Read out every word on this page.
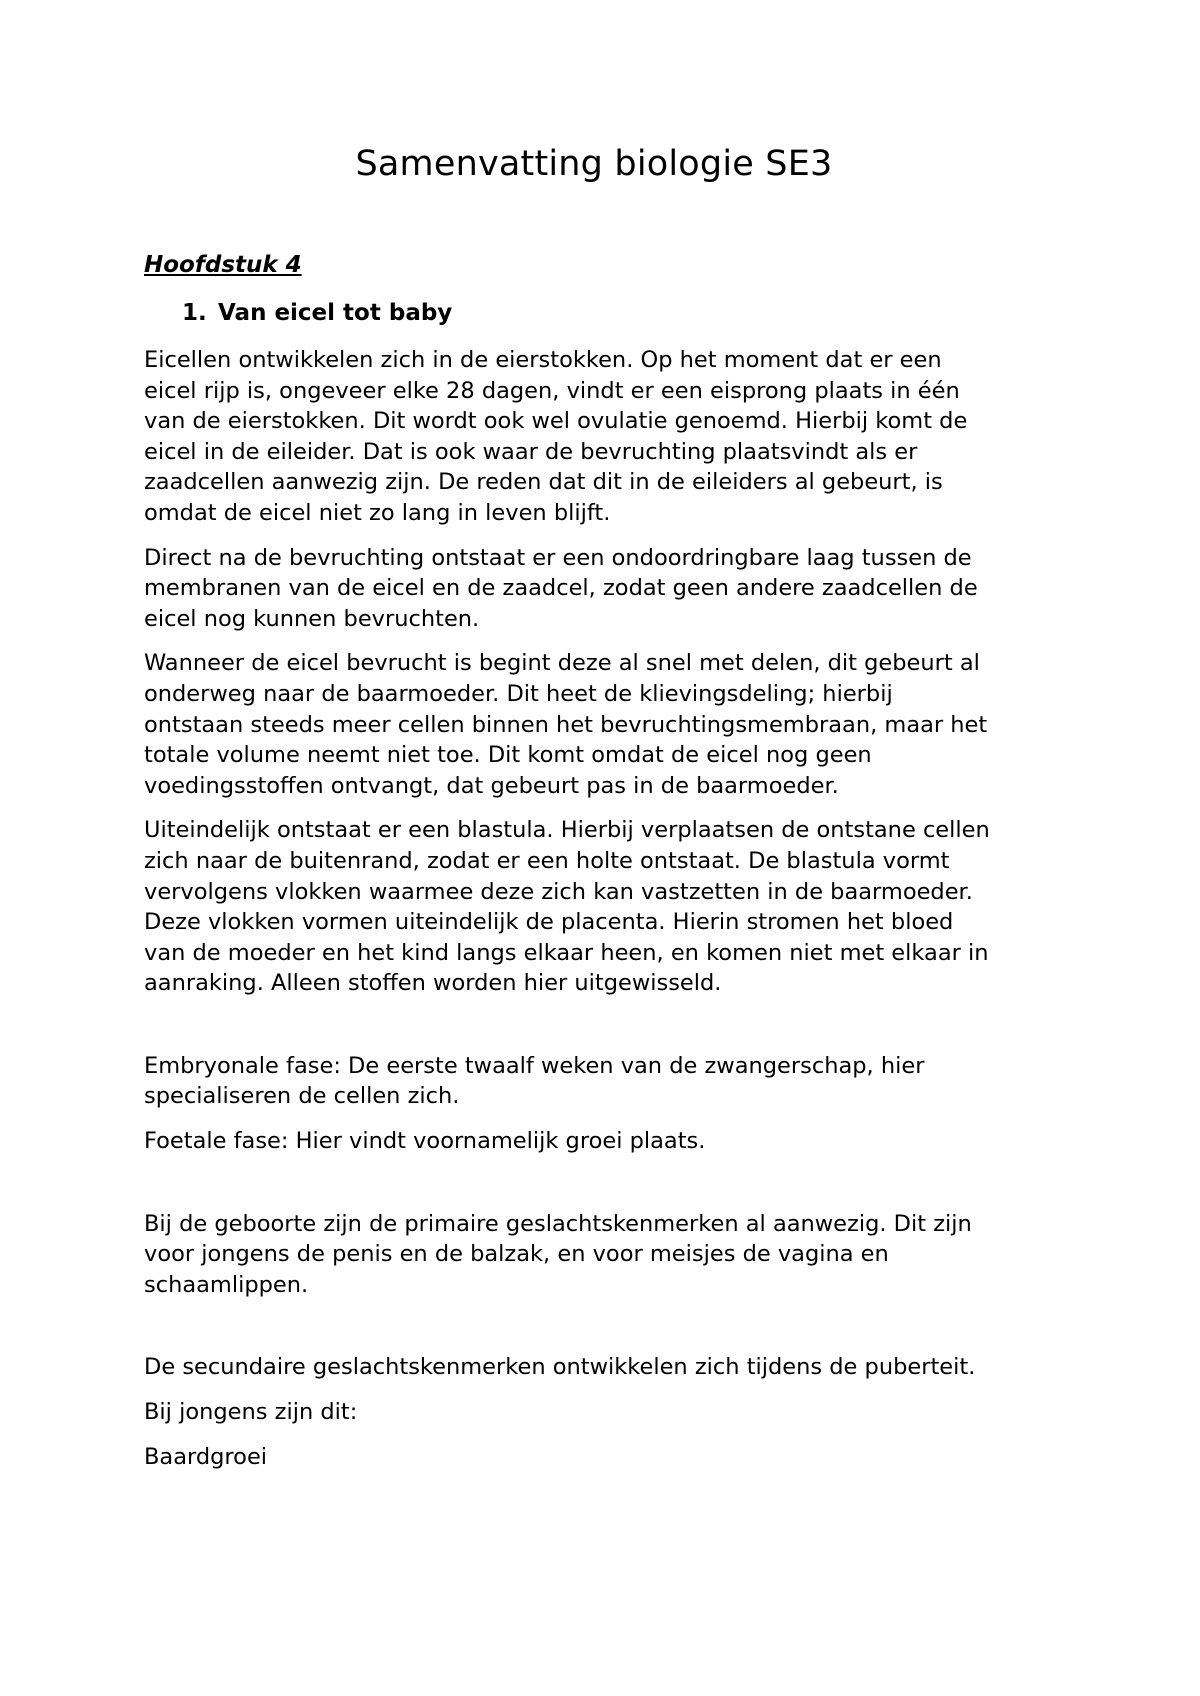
Samenvatting biologie SE3
Hoofdstuk 4
1. Van eicel tot baby

Eicellen ontwikkelen zich in de eierstokken. Op het moment dat er een
eicel rijp is, ongeveer elke 28 dagen, vindt er een eisprong plaats in één
van de eierstokken. Dit wordt ook wel ovulatie genoemd. Hierbij komt de
eicel in de eileider. Dat is ook waar de bevruchting plaatsvindt als er
zaadcellen aanwezig zijn. De reden dat dit in de eileiders al gebeurt, is
omdat de eicel niet zo lang in leven blijft.

Direct na de bevruchting ontstaat er een ondoordringbare laag tussen de
membranen van de eicel en de zaadcel, zodat geen andere zaadcellen de
eicel nog kunnen bevruchten.

Wanneer de eicel bevrucht is begint deze al snel met delen, dit gebeurt al
onderweg naar de baarmoeder. Dit heet de klievingsdeling; hierbij
ontstaan steeds meer cellen binnen het bevruchtingsmembraan, maar het
totale volume neemt niet toe. Dit komt omdat de eicel nog geen
voedingsstoffen ontvangt, dat gebeurt pas in de baarmoeder.

Uiteindelijk ontstaat er een blastula. Hierbij verplaatsen de ontstane cellen
zich naar de buitenrand, zodat er een holte ontstaat. De blastula vormt
vervolgens vlokken waarmee deze zich kan vastzetten in de baarmoeder.
Deze vlokken vormen uiteindelijk de placenta. Hierin stromen het bloed
van de moeder en het kind langs elkaar heen, en komen niet met elkaar in
aanraking. Alleen stoffen worden hier uitgewisseld.

Embryonale fase: De eerste twaalf weken van de zwangerschap, hier
specialiseren de cellen zich.

Foetale fase: Hier vindt voornamelijk groei plaats.

Bij de geboorte zijn de primaire geslachtskenmerken al aanwezig. Dit zijn
voor jongens de penis en de balzak, en voor meisjes de vagina en
schaamlippen.

De secundaire geslachtskenmerken ontwikkelen zich tijdens de puberteit.

Bij jongens zijn dit:

Baardgroei
